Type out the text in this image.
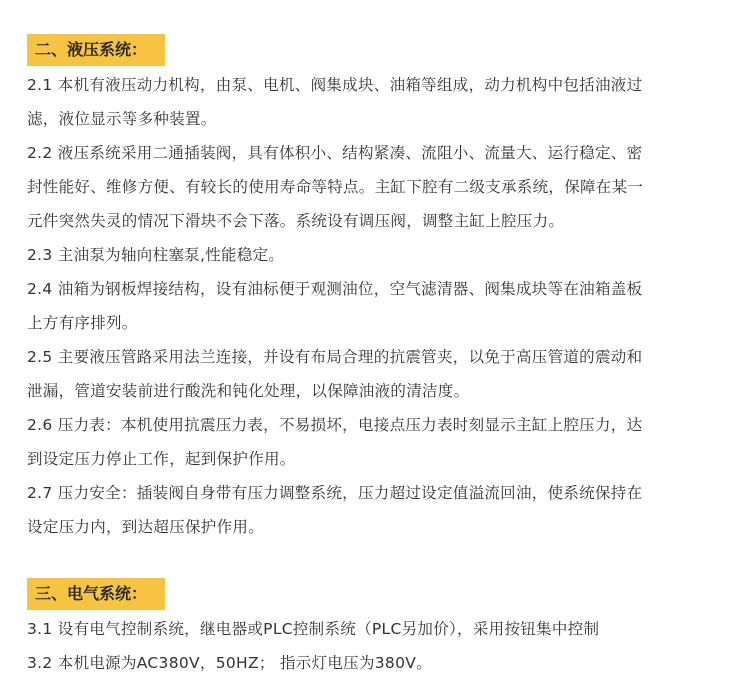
二、液压系统：
2.1 本机有液压动力机构，由泵、电机、阀集成块、油箱等组成，动力机构中包括油液过
滤，液位显示等多种装置。
2.2 液压系统采用二通插装阀，具有体积小、结构紧凑、流阻小、流量大、运行稳定、密
封性能好、维修方便、有较长的使用寿命等特点。主缸下腔有二级支承系统，保障在某一
元件突然失灵的情况下滑块不会下落。系统设有调压阀，调整主缸上腔压力。
2.3 主油泵为轴向柱塞泵,性能稳定。
2.4 油箱为钢板焊接结构，设有油标便于观测油位，空气滤清器、阀集成块等在油箱盖板
上方有序排列。
2.5 主要液压管路采用法兰连接，并设有布局合理的抗震管夹，以免于高压管道的震动和
泄漏，管道安装前进行酸洗和钝化处理，以保障油液的清洁度。
2.6 压力表：本机使用抗震压力表，不易损坏，电接点压力表时刻显示主缸上腔压力，达
到设定压力停止工作，起到保护作用。
2.7 压力安全：插装阀自身带有压力调整系统，压力超过设定值溢流回油，使系统保持在
设定压力内，到达超压保护作用。
三、电气系统：
3.1 设有电气控制系统，继电器或PLC控制系统（PLC另加价），采用按钮集中控制
3.2 本机电源为AC380V，50HZ； 指示灯电压为380V。
